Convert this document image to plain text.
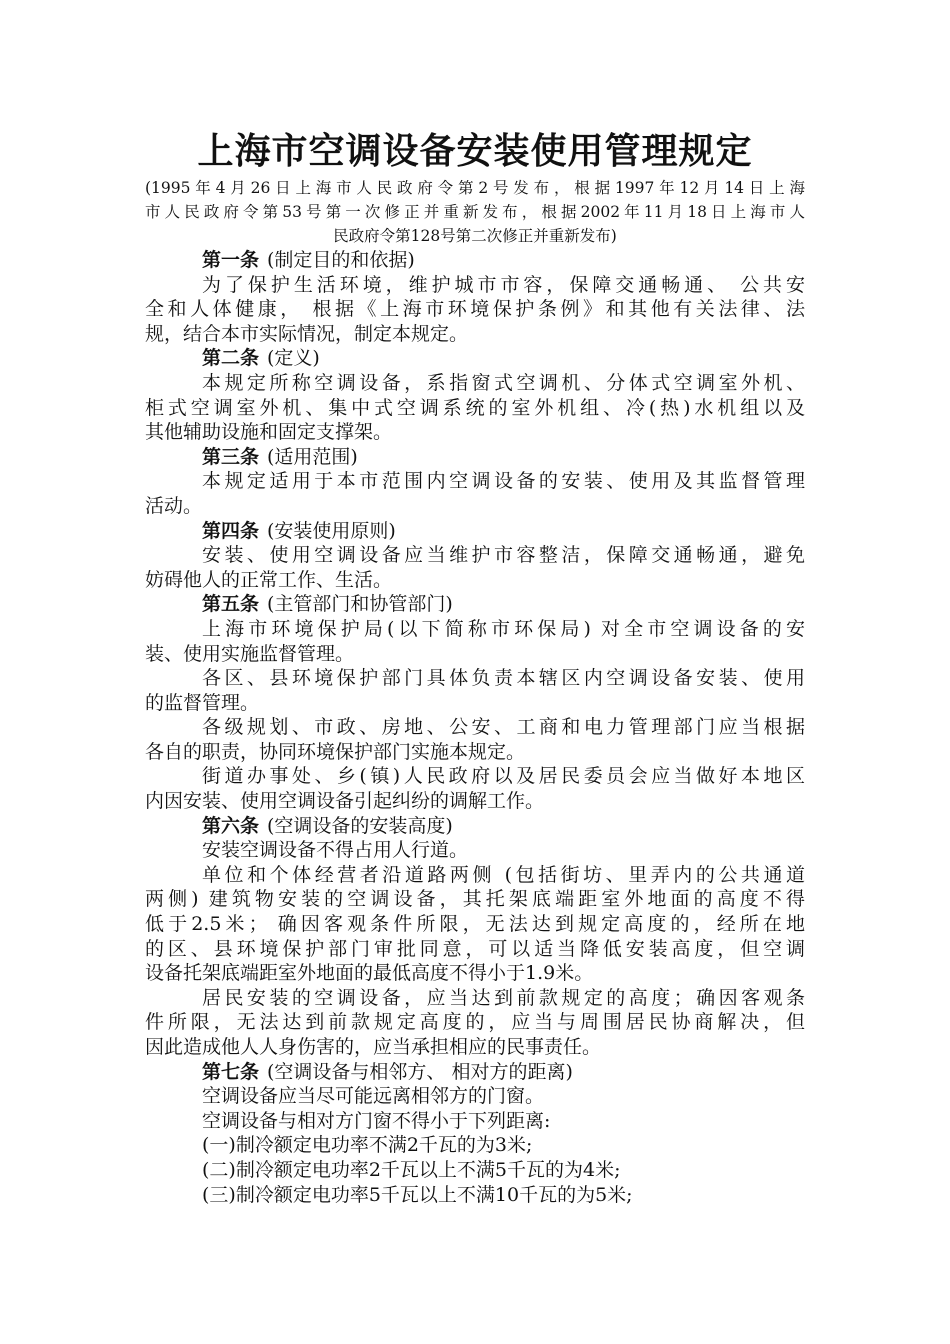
上海市空调设备安装使用管理规定
(1995年4月26日上海市人民政府令第2号发布，根据1997年12月14日上海
市人民政府令第53号第一次修正并重新发布，根据2002年11月18日上海市人
民政府令第128号第二次修正并重新发布)
第一条 (制定目的和依据)
为了保护生活环境，维护城市市容，保障交通畅通、 公共安
全和人体健康， 根据《上海市环境保护条例》和其他有关法律、法
规，结合本市实际情况，制定本规定。
第二条 (定义)
本规定所称空调设备，系指窗式空调机、分体式空调室外机、
柜式空调室外机、集中式空调系统的室外机组、冷(热)水机组以及
其他辅助设施和固定支撑架。
第三条 (适用范围)
本规定适用于本市范围内空调设备的安装、使用及其监督管理
活动。
第四条 (安装使用原则)
安装、使用空调设备应当维护市容整洁，保障交通畅通，避免
妨碍他人的正常工作、生活。
第五条 (主管部门和协管部门)
上海市环境保护局(以下简称市环保局) 对全市空调设备的安
装、使用实施监督管理。
各区、县环境保护部门具体负责本辖区内空调设备安装、使用
的监督管理。
各级规划、市政、房地、公安、工商和电力管理部门应当根据
各自的职责，协同环境保护部门实施本规定。
街道办事处、乡(镇)人民政府以及居民委员会应当做好本地区
内因安装、使用空调设备引起纠纷的调解工作。
第六条 (空调设备的安装高度)
安装空调设备不得占用人行道。
单位和个体经营者沿道路两侧 (包括街坊、里弄内的公共通道
两侧) 建筑物安装的空调设备，其托架底端距室外地面的高度不得
低于2.5米； 确因客观条件所限，无法达到规定高度的，经所在地
的区、县环境保护部门审批同意，可以适当降低安装高度，但空调
设备托架底端距室外地面的最低高度不得小于1.9米。
居民安装的空调设备，应当达到前款规定的高度；确因客观条
件所限，无法达到前款规定高度的，应当与周围居民协商解决，但
因此造成他人人身伤害的，应当承担相应的民事责任。
第七条 (空调设备与相邻方、 相对方的距离)
空调设备应当尽可能远离相邻方的门窗。
空调设备与相对方门窗不得小于下列距离:
(一)制冷额定电功率不满2千瓦的为3米;
(二)制冷额定电功率2千瓦以上不满5千瓦的为4米;
(三)制冷额定电功率5千瓦以上不满10千瓦的为5米;
